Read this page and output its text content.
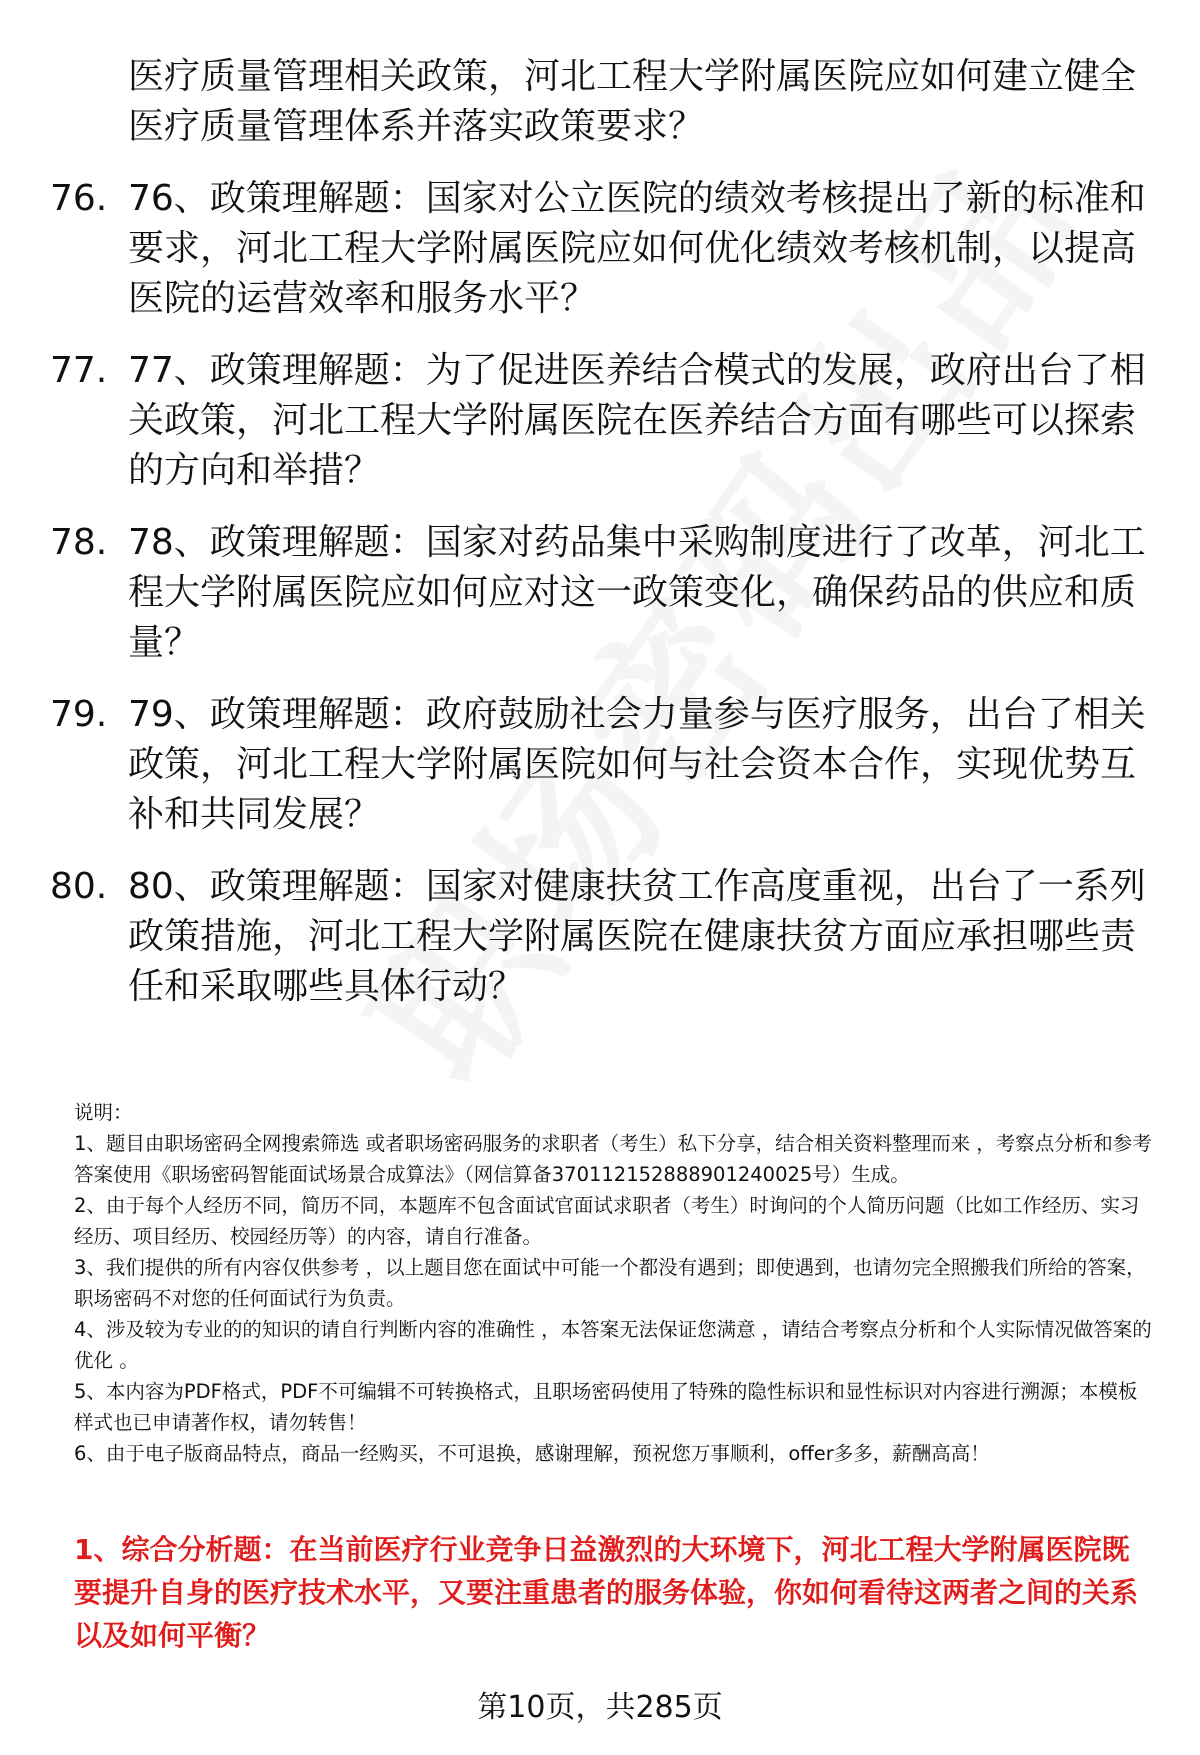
医疗质量管理相关政策，河北工程大学附属医院应如何建立健全医疗质量管理体系并落实政策要求？
76. 76、政策理解题：国家对公立医院的绩效考核提出了新的标准和要求，河北工程大学附属医院应如何优化绩效考核机制，以提高医院的运营效率和服务水平？
77. 77、政策理解题：为了促进医养结合模式的发展，政府出台了相关政策，河北工程大学附属医院在医养结合方面有哪些可以探索的方向和举措？
78. 78、政策理解题：国家对药品集中采购制度进行了改革，河北工程大学附属医院应如何应对这一政策变化，确保药品的供应和质量？
79. 79、政策理解题：政府鼓励社会力量参与医疗服务，出台了相关政策，河北工程大学附属医院如何与社会资本合作，实现优势互补和共同发展？
80. 80、政策理解题：国家对健康扶贫工作高度重视，出台了一系列政策措施，河北工程大学附属医院在健康扶贫方面应承担哪些责任和采取哪些具体行动？

说明：

1、题目由职场密码全网搜索筛选 或者职场密码服务的求职者（考生）私下分享，结合相关资料整理而来 ，考察点分析和参考答案使用《职场密码智能面试场景合成算法》（网信算备370112152888901240025号）生成。

2、由于每个人经历不同，简历不同，本题库不包含面试官面试求职者（考生）时询问的个人简历问题（比如工作经历、实习经历、项目经历、校园经历等）的内容，请自行准备。

3、我们提供的所有内容仅供参考 ，以上题目您在面试中可能一个都没有遇到；即使遇到，也请勿完全照搬我们所给的答案，职场密码不对您的任何面试行为负责。

4、涉及较为专业的的知识的请自行判断内容的准确性 ，本答案无法保证您满意 ，请结合考察点分析和个人实际情况做答案的优化 。

5、本内容为PDF格式，PDF不可编辑不可转换格式，且职场密码使用了特殊的隐性标识和显性标识对内容进行溯源；本模板样式也已申请著作权，请勿转售！

6、由于电子版商品特点，商品一经购买，不可退换，感谢理解，预祝您万事顺利，offer多多，薪酬高高！

1、综合分析题：在当前医疗行业竞争日益激烈的大环境下，河北工程大学附属医院既要提升自身的医疗技术水平，又要注重患者的服务体验，你如何看待这两者之间的关系以及如何平衡？
第10页，共285页
